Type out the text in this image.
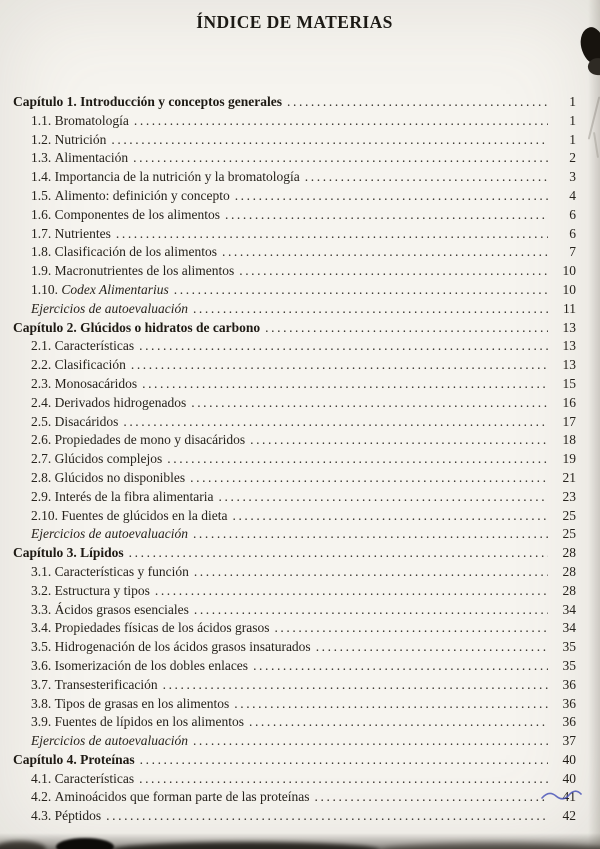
ÍNDICE DE MATERIAS
Capítulo 1. Introducción y conceptos generales .....	1
1.1. Bromatología .....	1
1.2. Nutrición .....	1
1.3. Alimentación .....	2
1.4. Importancia de la nutrición y la bromatología .....	3
1.5. Alimento: definición y concepto .....	4
1.6. Componentes de los alimentos .....	6
1.7. Nutrientes .....	6
1.8. Clasificación de los alimentos .....	7
1.9. Macronutrientes de los alimentos .....	10
1.10. Codex Alimentarius .....	10
Ejercicios de autoevaluación .....	11
Capítulo 2. Glúcidos o hidratos de carbono .....	13
2.1. Características .....	13
2.2. Clasificación .....	13
2.3. Monosacáridos .....	15
2.4. Derivados hidrogenados .....	16
2.5. Disacáridos .....	17
2.6. Propiedades de mono y disacáridos .....	18
2.7. Glúcidos complejos .....	19
2.8. Glúcidos no disponibles .....	21
2.9. Interés de la fibra alimentaria .....	23
2.10. Fuentes de glúcidos en la dieta .....	25
Ejercicios de autoevaluación .....	25
Capítulo 3. Lípidos .....	28
3.1. Características y función .....	28
3.2. Estructura y tipos .....	28
3.3. Ácidos grasos esenciales .....	34
3.4. Propiedades físicas de los ácidos grasos .....	34
3.5. Hidrogenación de los ácidos grasos insaturados .....	35
3.6. Isomerización de los dobles enlaces .....	35
3.7. Transesterificación .....	36
3.8. Tipos de grasas en los alimentos .....	36
3.9. Fuentes de lípidos en los alimentos .....	36
Ejercicios de autoevaluación .....	37
Capítulo 4. Proteínas .....	40
4.1. Características .....	40
4.2. Aminoácidos que forman parte de las proteínas .....	41
4.3. Péptidos .....	42
